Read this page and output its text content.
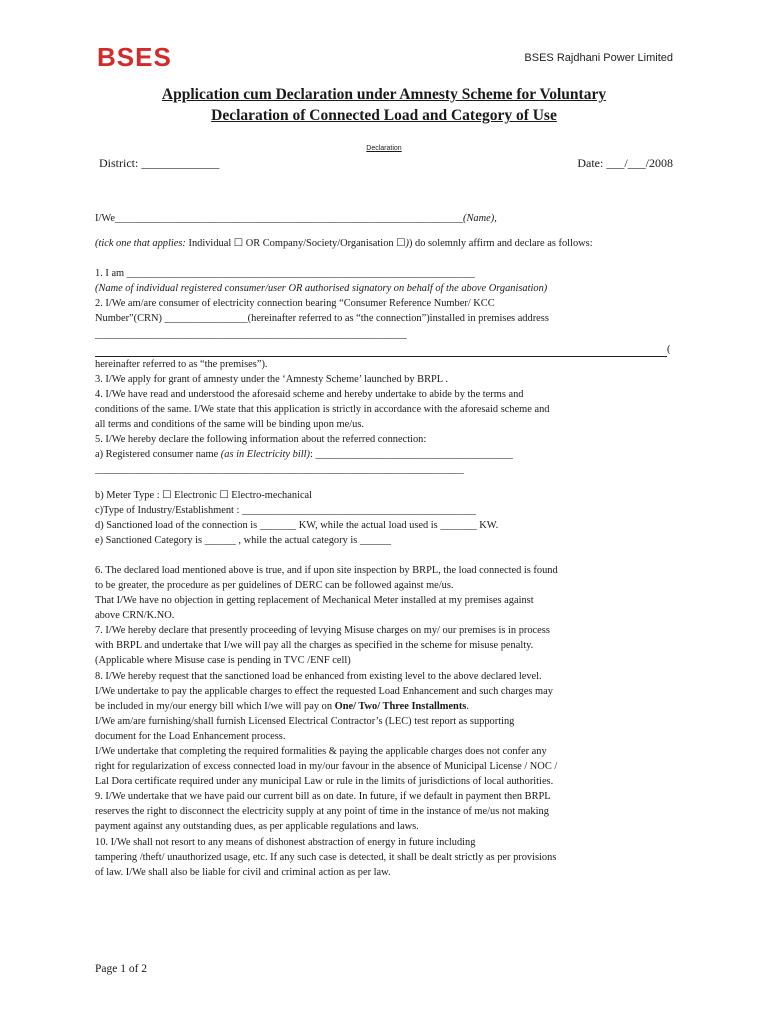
BSES	BSES Rajdhani Power Limited
Application cum Declaration under Amnesty Scheme for Voluntary
Declaration of Connected Load and Category of Use
Declaration
District: _____________	Date: ___/___/2008

I/We___________________________________________________________________(Name),

(tick one that applies: Individual ☐ OR Company/Society/Organisation ☐)) do solemnly affirm and declare as follows:

1. I am ___________________________________________________________________

(Name of individual registered consumer/user OR authorised signatory on behalf of the above Organisation)

2. I/We am/are consumer of electricity connection bearing “Consumer Reference Number/ KCC

Number”(CRN) ________________(hereinafter referred to as “the connection”)installed in premises address

____________________________________________________________

(

hereinafter referred to as “the premises”).

3. I/We apply for grant of amnesty under the ‘Amnesty Scheme’ launched by BRPL .

4. I/We have read and understood the aforesaid scheme and hereby undertake to abide by the terms and

conditions of the same. I/We state that this application is strictly in accordance with the aforesaid scheme and

all terms and conditions of the same will be binding upon me/us.

5. I/We hereby declare the following information about the referred connection:

a) Registered consumer name (as in Electricity bill): ______________________________________

_______________________________________________________________________

b) Meter Type : ☐ Electronic ☐ Electro-mechanical

c)Type of Industry/Establishment : _____________________________________________

d) Sanctioned load of the connection is _______ KW, while the actual load used is _______ KW.

e) Sanctioned Category is ______ , while the actual category is ______

6. The declared load mentioned above is true, and if upon site inspection by BRPL, the load connected is found

to be greater, the procedure as per guidelines of DERC can be followed against me/us.

That I/We have no objection in getting replacement of Mechanical Meter installed at my premises against

above CRN/K.NO.

7. I/We hereby declare that presently proceeding of levying Misuse charges on my/ our premises is in process

with BRPL and undertake that I/we will pay all the charges as specified in the scheme for misuse penalty.

(Applicable where Misuse case is pending in TVC /ENF cell)

8. I/We hereby request that the sanctioned load be enhanced from existing level to the above declared level.

I/We undertake to pay the applicable charges to effect the requested Load Enhancement and such charges may

be included in my/our energy bill which I/we will pay on One/ Two/ Three Installments.

I/We am/are furnishing/shall furnish Licensed Electrical Contractor’s (LEC) test report as supporting

document for the Load Enhancement process.

I/We undertake that completing the required formalities & paying the applicable charges does not confer any

right for regularization of excess connected load in my/our favour in the absence of Municipal License / NOC /

Lal Dora certificate required under any municipal Law or rule in the limits of jurisdictions of local authorities.

9. I/We undertake that we have paid our current bill as on date. In future, if we default in payment then BRPL

reserves the right to disconnect the electricity supply at any point of time in the instance of me/us not making

payment against any outstanding dues, as per applicable regulations and laws.

10. I/We shall not resort to any means of dishonest abstraction of energy in future including

tampering /theft/ unauthorized usage, etc. If any such case is detected, it shall be dealt strictly as per provisions

of law. I/We shall also be liable for civil and criminal action as per law.

Page 1 of 2
